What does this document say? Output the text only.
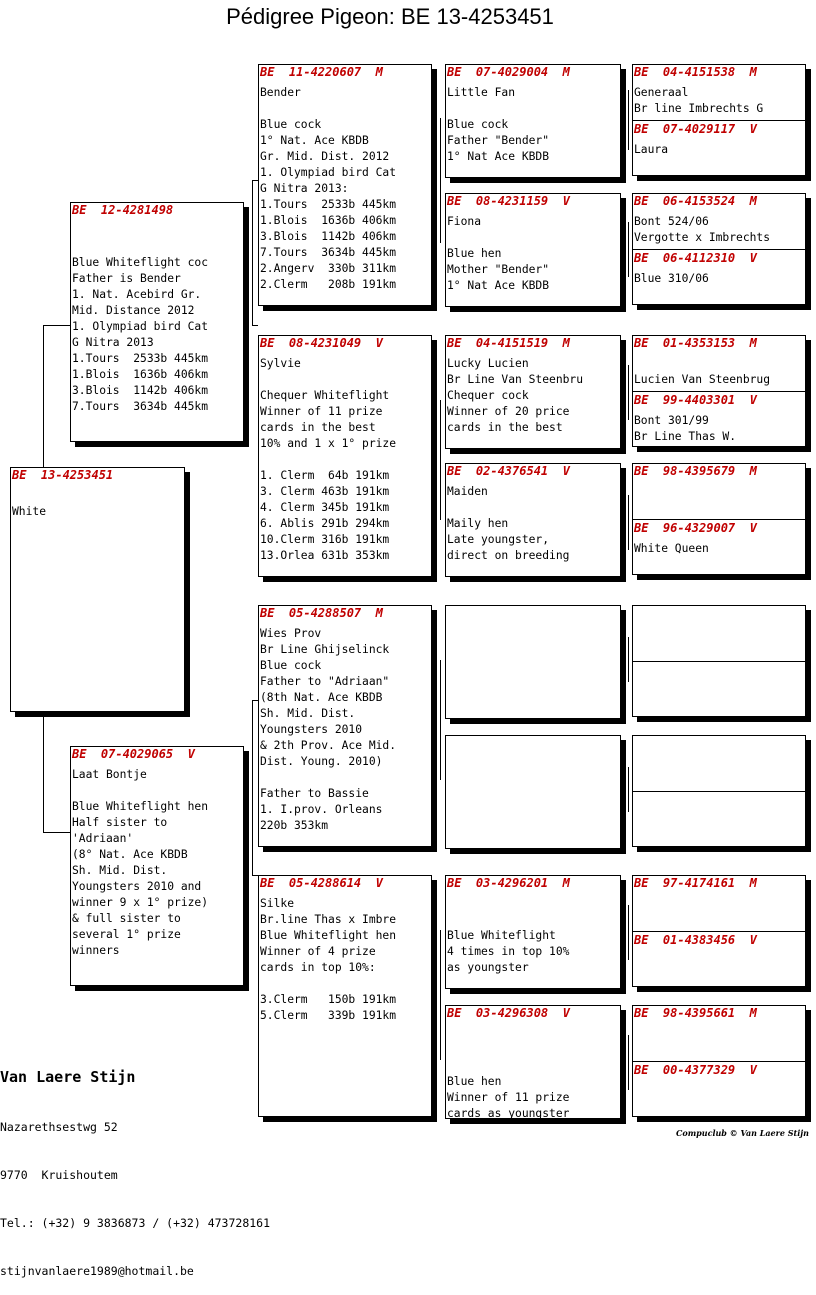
Pédigree Pigeon: BE 13-4253451
BE  13-4253451

White
BE  12-4281498

Blue Whiteflight coc
Father is Bender
1. Nat. Acebird Gr.
Mid. Distance 2012
1. Olympiad bird Cat
G Nitra 2013
1.Tours  2533b 445km
1.Blois  1636b 406km
3.Blois  1142b 406km
7.Tours  3634b 445km
BE  07-4029065  V
Laat Bontje

Blue Whiteflight hen
Half sister to
'Adriaan'
(8° Nat. Ace KBDB
Sh. Mid. Dist.
Youngsters 2010 and
winner 9 x 1° prize)
& full sister to
several 1° prize
winners
BE  11-4220607  M
Bender

Blue cock
1° Nat. Ace KBDB
Gr. Mid. Dist. 2012
1. Olympiad bird Cat
G Nitra 2013:
1.Tours  2533b 445km
1.Blois  1636b 406km
3.Blois  1142b 406km
7.Tours  3634b 445km
2.Angerv  330b 311km
2.Clerm   208b 191km
BE  08-4231049  V
Sylvie

Chequer Whiteflight
Winner of 11 prize
cards in the best
10% and 1 x 1° prize

1. Clerm  64b 191km
3. Clerm 463b 191km
4. Clerm 345b 191km
6. Ablis 291b 294km
10.Clerm 316b 191km
13.Orlea 631b 353km
BE  05-4288507  M
Wies Prov
Br Line Ghijselinck
Blue cock
Father to "Adriaan"
(8th Nat. Ace KBDB
Sh. Mid. Dist.
Youngsters 2010
& 2th Prov. Ace Mid.
Dist. Young. 2010)

Father to Bassie
1. I.prov. Orleans
220b 353km
BE  05-4288614  V
Silke
Br.line Thas x Imbre
Blue Whiteflight hen
Winner of 4 prize
cards in top 10%:

3.Clerm   150b 191km
5.Clerm   339b 191km
BE  07-4029004  M
Little Fan

Blue cock
Father "Bender"
1° Nat Ace KBDB
BE  08-4231159  V
Fiona

Blue hen
Mother "Bender"
1° Nat Ace KBDB
BE  04-4151519  M
Lucky Lucien
Br Line Van Steenbru
Chequer cock
Winner of 20 price
cards in the best
BE  02-4376541  V
Maiden

Maily hen
Late youngster,
direct on breeding
BE  03-4296201  M

Blue Whiteflight
4 times in top 10%
as youngster
BE  03-4296308  V

Blue hen
Winner of 11 prize
cards as youngster
BE  04-4151538  M
Generaal
Br line Imbrechts G
BE  07-4029117  V
Laura
BE  06-4153524  M
Bont 524/06
Vergotte x Imbrechts
BE  06-4112310  V
Blue 310/06
BE  01-4353153  M

Lucien Van Steenbrug
BE  99-4403301  V
Bont 301/99
Br Line Thas W.
BE  98-4395679  M
BE  96-4329007  V
White Queen
BE  97-4174161  M
BE  01-4383456  V
BE  98-4395661  M
BE  00-4377329  V

Van Laere Stijn

Nazarethsestwg 52

9770  Kruishoutem

Tel.: (+32) 9 3836873 / (+32) 473728161

stijnvanlaere1989@hotmail.be

Compuclub © Van Laere Stijn
